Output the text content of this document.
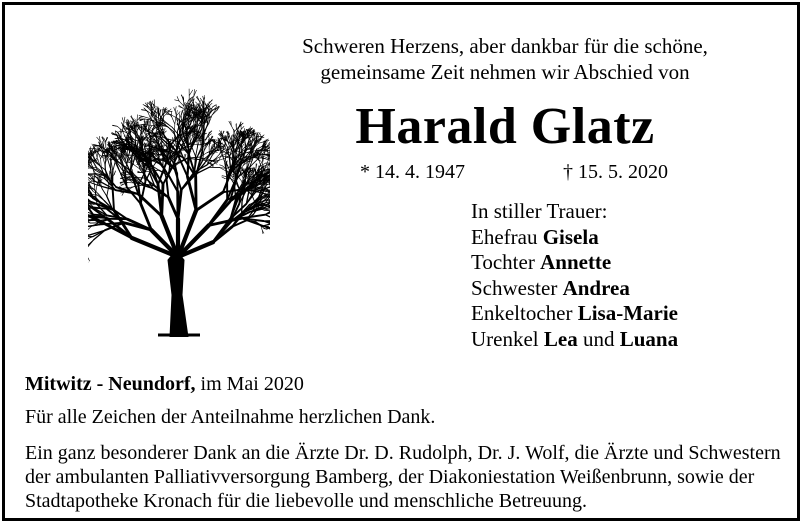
Schweren Herzens, aber dankbar für die schöne,
gemeinsame Zeit nehmen wir Abschied von
Harald Glatz
* 14. 4. 1947	† 15. 5. 2020
In stiller Trauer:
Ehefrau Gisela
Tochter Annette
Schwester Andrea
Enkeltocher Lisa-Marie
Urenkel Lea und Luana
Mitwitz - Neundorf, im Mai 2020
Für alle Zeichen der Anteilnahme herzlichen Dank.
Ein ganz besonderer Dank an die Ärzte Dr. D. Rudolph, Dr. J. Wolf, die Ärzte und Schwestern
der ambulanten Palliativversorgung Bamberg, der Diakoniestation Weißenbrunn, sowie der
Stadtapotheke Kronach für die liebevolle und menschliche Betreuung.
